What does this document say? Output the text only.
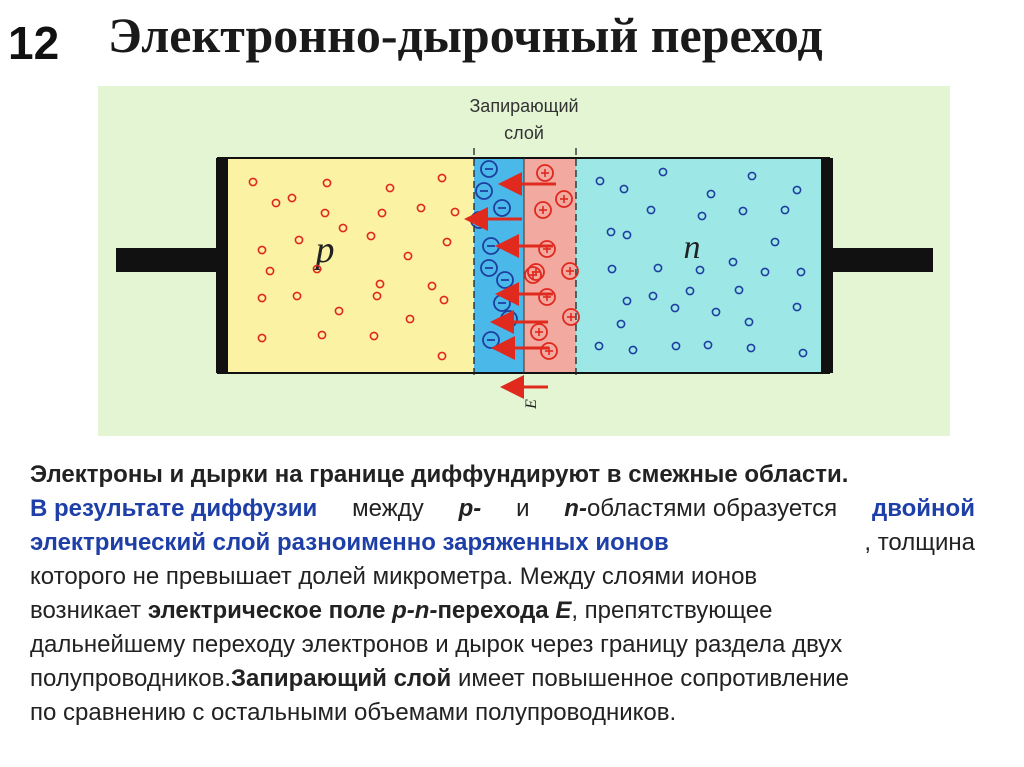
12 Электронно-дырочный переход
Запирающий
слой
p	n
E
Электроны и дырки на границе диффундируют в смежные области.
В результате диффузии между p- и n-областями образуется двойной
электрический слой разноименно заряженных ионов	, толщина
которого не превышает долей микрометра. Между слоями ионов
возникает электрическое поле p-n-перехода E, препятствующее
дальнейшему переходу электронов и дырок через границу раздела двух
полупроводников.Запирающий слой имеет повышенное сопротивление
по сравнению с остальными объемами полупроводников.
